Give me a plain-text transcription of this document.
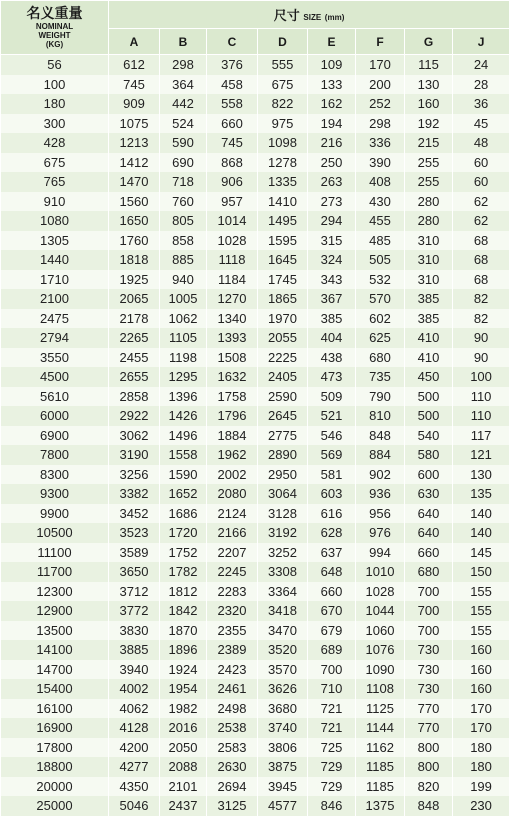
名义重量
NOMINAL
WEIGHT
(KG)	尺寸 SIZE (mm)							
	A	B	C	D	E	F	G	J
56	612	298	376	555	109	170	115	24
100	745	364	458	675	133	200	130	28
180	909	442	558	822	162	252	160	36
300	1075	524	660	975	194	298	192	45
428	1213	590	745	1098	216	336	215	48
675	1412	690	868	1278	250	390	255	60
765	1470	718	906	1335	263	408	255	60
910	1560	760	957	1410	273	430	280	62
1080	1650	805	1014	1495	294	455	280	62
1305	1760	858	1028	1595	315	485	310	68
1440	1818	885	1118	1645	324	505	310	68
1710	1925	940	1184	1745	343	532	310	68
2100	2065	1005	1270	1865	367	570	385	82
2475	2178	1062	1340	1970	385	602	385	82
2794	2265	1105	1393	2055	404	625	410	90
3550	2455	1198	1508	2225	438	680	410	90
4500	2655	1295	1632	2405	473	735	450	100
5610	2858	1396	1758	2590	509	790	500	110
6000	2922	1426	1796	2645	521	810	500	110
6900	3062	1496	1884	2775	546	848	540	117
7800	3190	1558	1962	2890	569	884	580	121
8300	3256	1590	2002	2950	581	902	600	130
9300	3382	1652	2080	3064	603	936	630	135
9900	3452	1686	2124	3128	616	956	640	140
10500	3523	1720	2166	3192	628	976	640	140
11100	3589	1752	2207	3252	637	994	660	145
11700	3650	1782	2245	3308	648	1010	680	150
12300	3712	1812	2283	3364	660	1028	700	155
12900	3772	1842	2320	3418	670	1044	700	155
13500	3830	1870	2355	3470	679	1060	700	155
14100	3885	1896	2389	3520	689	1076	730	160
14700	3940	1924	2423	3570	700	1090	730	160
15400	4002	1954	2461	3626	710	1108	730	160
16100	4062	1982	2498	3680	721	1125	770	170
16900	4128	2016	2538	3740	721	1144	770	170
17800	4200	2050	2583	3806	725	1162	800	180
18800	4277	2088	2630	3875	729	1185	800	180
20000	4350	2101	2694	3945	729	1185	820	199
25000	5046	2437	3125	4577	846	1375	848	230
